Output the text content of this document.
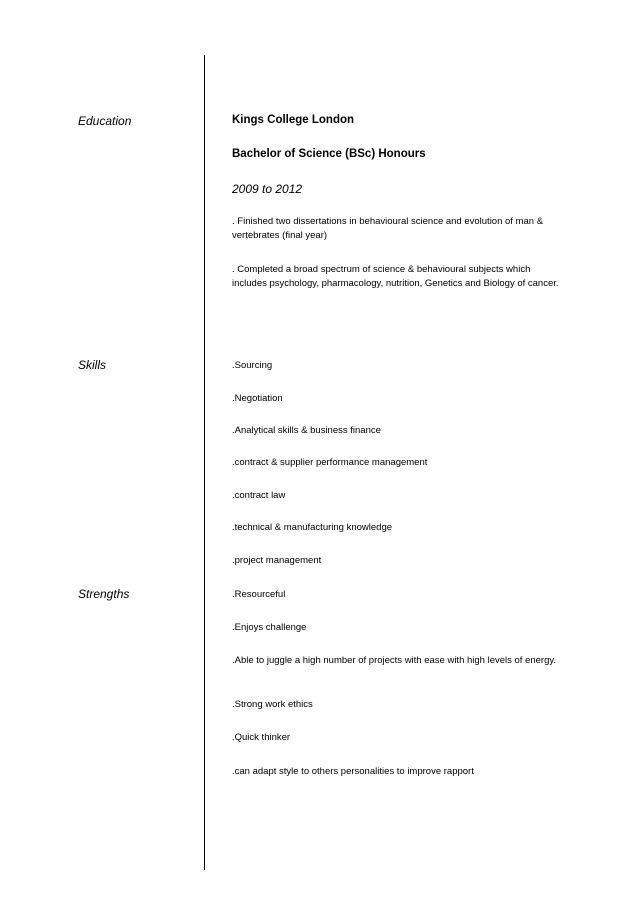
Education	Kings College London
Bachelor of Science (BSc) Honours
2009 to 2012
. Finished two dissertations in behavioural science and evolution of man & vertebrates (final year)
. Completed a broad spectrum of science & behavioural subjects which includes psychology, pharmacology, nutrition, Genetics and Biology of cancer.
Skills	.Sourcing
.Negotiation
.Analytical skills & business finance
.contract & supplier performance management
.contract law
.technical & manufacturing knowledge
.project management
Strengths	.Resourceful
.Enjoys challenge
.Able to juggle a high number of projects with ease with high levels of energy.
.Strong work ethics
.Quick thinker
.can adapt style to others personalities to improve rapport
